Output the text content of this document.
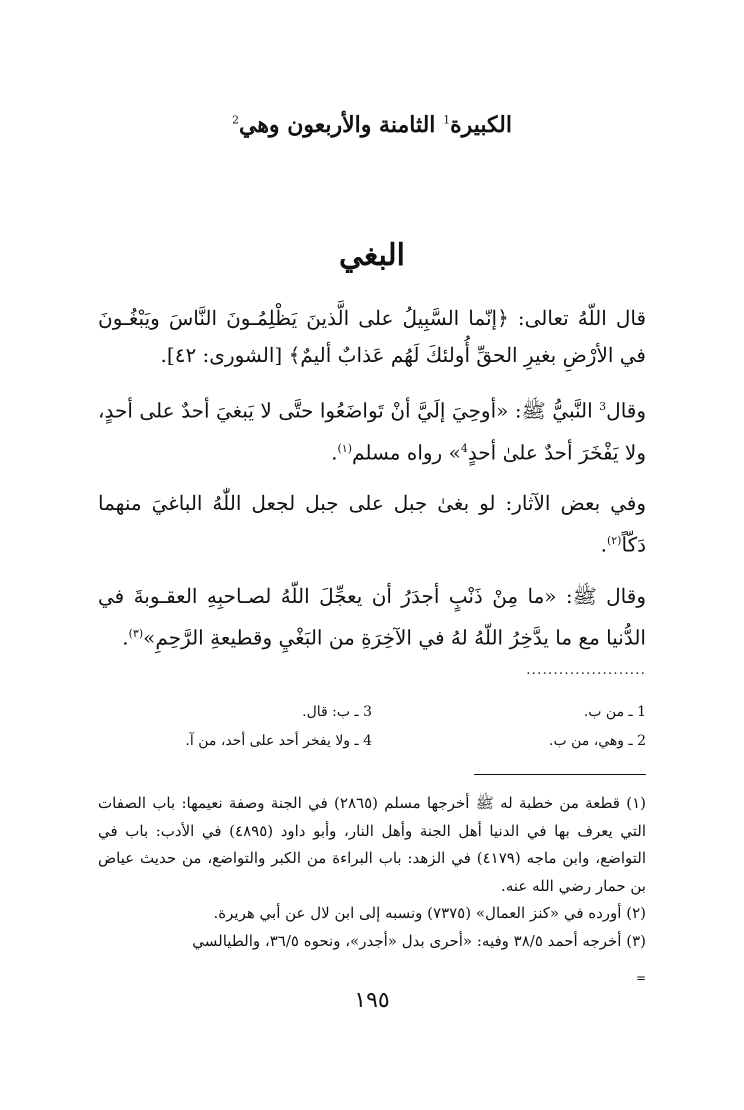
الكبيرة$^1$ الثامنة والأربعون وهي$^2$
البغي

قال اللّهُ تعالى: ﴿إنّما السَّبِيلُ على الَّذينَ يَظْلِمُـونَ النَّاسَ ويَبْغُـونَ في الأرْضِ بغيرِ الحقِّ أُولئكَ لَهُم عَذابٌ أليمٌ﴾ [الشورى: ٤٢].

وقال$^3$ النَّبيُّ ﷺ: «أوحِيَ إلَيَّ أنْ تَواضَعُوا حتَّى لا يَبغيَ أحدٌ على أحدٍ، ولا يَفْخَرَ أحدٌ علىٰ أحدٍ$^4$» رواه مسلم$^{(١)}$.

وفي بعض الآثار: لو بغىٰ جبل على جبل لجعل اللّٰهُ الباغيَ منهما دَكّاً$^{(٢)}$.

وقال ﷺ: «ما مِنْ ذَنْبٍ أجدَرُ أن يعجِّلَ اللّهُ لصـاحبِهِ العقـوبةَ في الدُّنيا مع ما يدَّخِرُ اللّهُ لهُ في الآخِرَةِ من البَغْيِ وقطيعةِ الرَّحِمِ»$^{(٣)}$.

......................
1 ـ من ب.
3 ـ ب: قال.
2 ـ وهي، من ب.
4 ـ ولا يفخر أحد على أحد، من آ.

(١) قطعة من خطبة له ﷺ أخرجها مسلم (٢٨٦٥) في الجنة وصفة نعيمها: باب الصفات التي يعرف بها في الدنيا أهل الجنة وأهل النار، وأبو داود (٤٨٩٥) في الأدب: باب في التواضع، وابن ماجه (٤١٧٩) في الزهد: باب البراءة من الكبر والتواضع، من حديث عياض بن حمار رضي الله عنه.

(٢) أورده في «كنز العمال» (٧٣٧٥) ونسبه إلى ابن لال عن أبي هريرة.

(٣) أخرجه أحمد ٣٨/٥ وفيه: «أحرى بدل «أجدر»، ونحوه ٣٦/٥، والطيالسي

=
١٩٥
